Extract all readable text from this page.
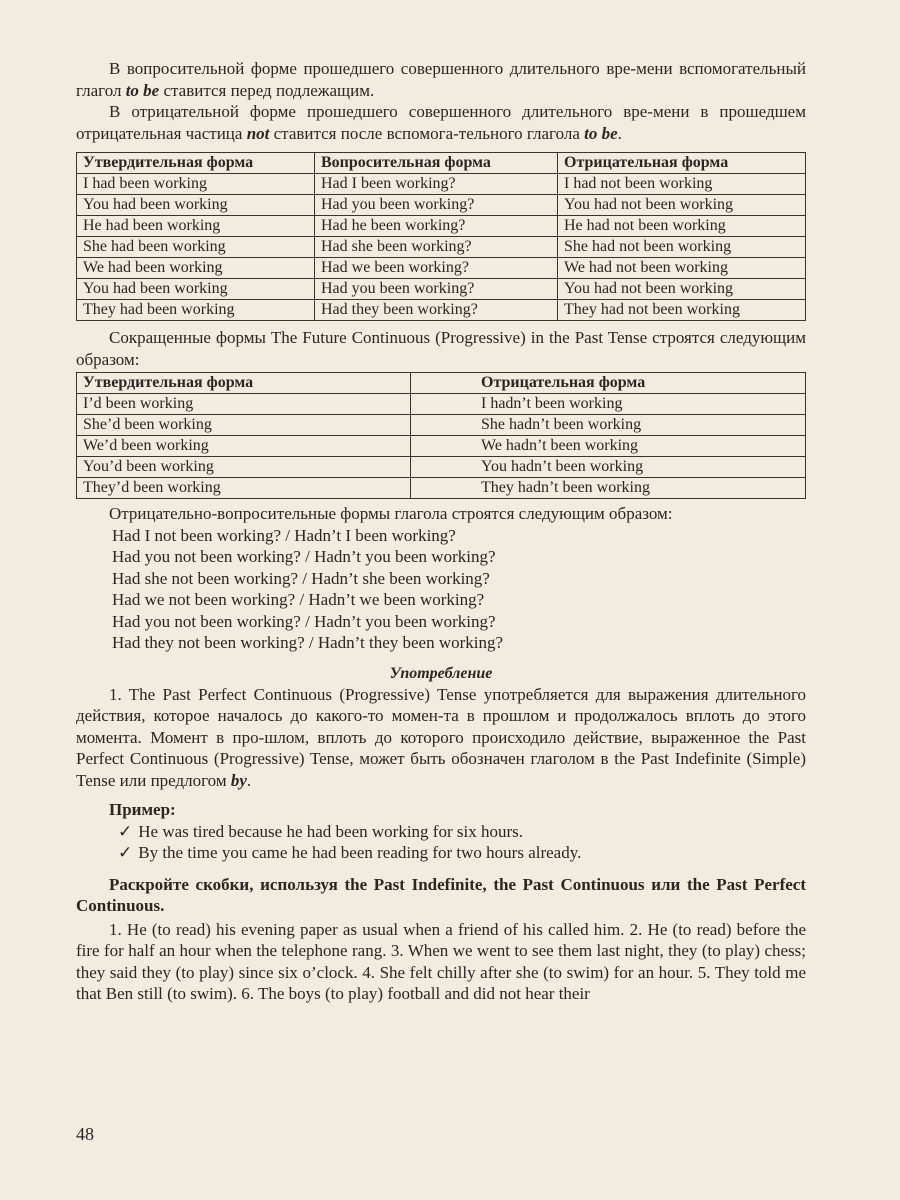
В вопросительной форме прошедшего совершенного длительного вре-мени вспомогательный глагол to be ставится перед подлежащим.

В отрицательной форме прошедшего совершенного длительного вре-мени в прошедшем отрицательная частица not ставится после вспомога-тельного глагола to be.

Утвердительная форма	Вопросительная форма	Отрицательная форма
I had been working	Had I been working?	I had not been working
You had been working	Had you been working?	You had not been working
He had been working	Had he been working?	He had not been working
She had been working	Had she been working?	She had not been working
We had been working	Had we been working?	We had not been working
You had been working	Had you been working?	You had not been working
They had been working	Had they been working?	They had not been working

Сокращенные формы The Future Continuous (Progressive) in the Past Tense строятся следующим образом:

Утвердительная форма	Отрицательная форма
I’d been working	I hadn’t been working
She’d been working	She hadn’t been working
We’d been working	We hadn’t been working
You’d been working	You hadn’t been working
They’d been working	They hadn’t been working

Отрицательно-вопросительные формы глагола строятся следующим образом:

Had I not been working? / Hadn’t I been working?

Had you not been working? / Hadn’t you been working?

Had she not been working? / Hadn’t she been working?

Had we not been working? / Hadn’t we been working?

Had you not been working? / Hadn’t you been working?

Had they not been working? / Hadn’t they been working?

Употребление

1. The Past Perfect Continuous (Progressive) Tense употребляется для выражения длительного действия, которое началось до какого-то момен-та в прошлом и продолжалось вплоть до этого момента. Момент в про-шлом, вплоть до которого происходило действие, выраженное the Past Perfect Continuous (Progressive) Tense, может быть обозначен глаголом в the Past Indefinite (Simple) Tense или предлогом by.

Пример:

✓ He was tired because he had been working for six hours.

✓ By the time you came he had been reading for two hours already.

Раскройте скобки, используя the Past Indefinite, the Past Continuous или the Past Perfect Continuous.

1. He (to read) his evening paper as usual when a friend of his called him. 2. He (to read) before the fire for half an hour when the telephone rang. 3. When we went to see them last night, they (to play) chess; they said they (to play) since six o’clock. 4. She felt chilly after she (to swim) for an hour. 5. They told me that Ben still (to swim). 6. The boys (to play) football and did not hear their

48
